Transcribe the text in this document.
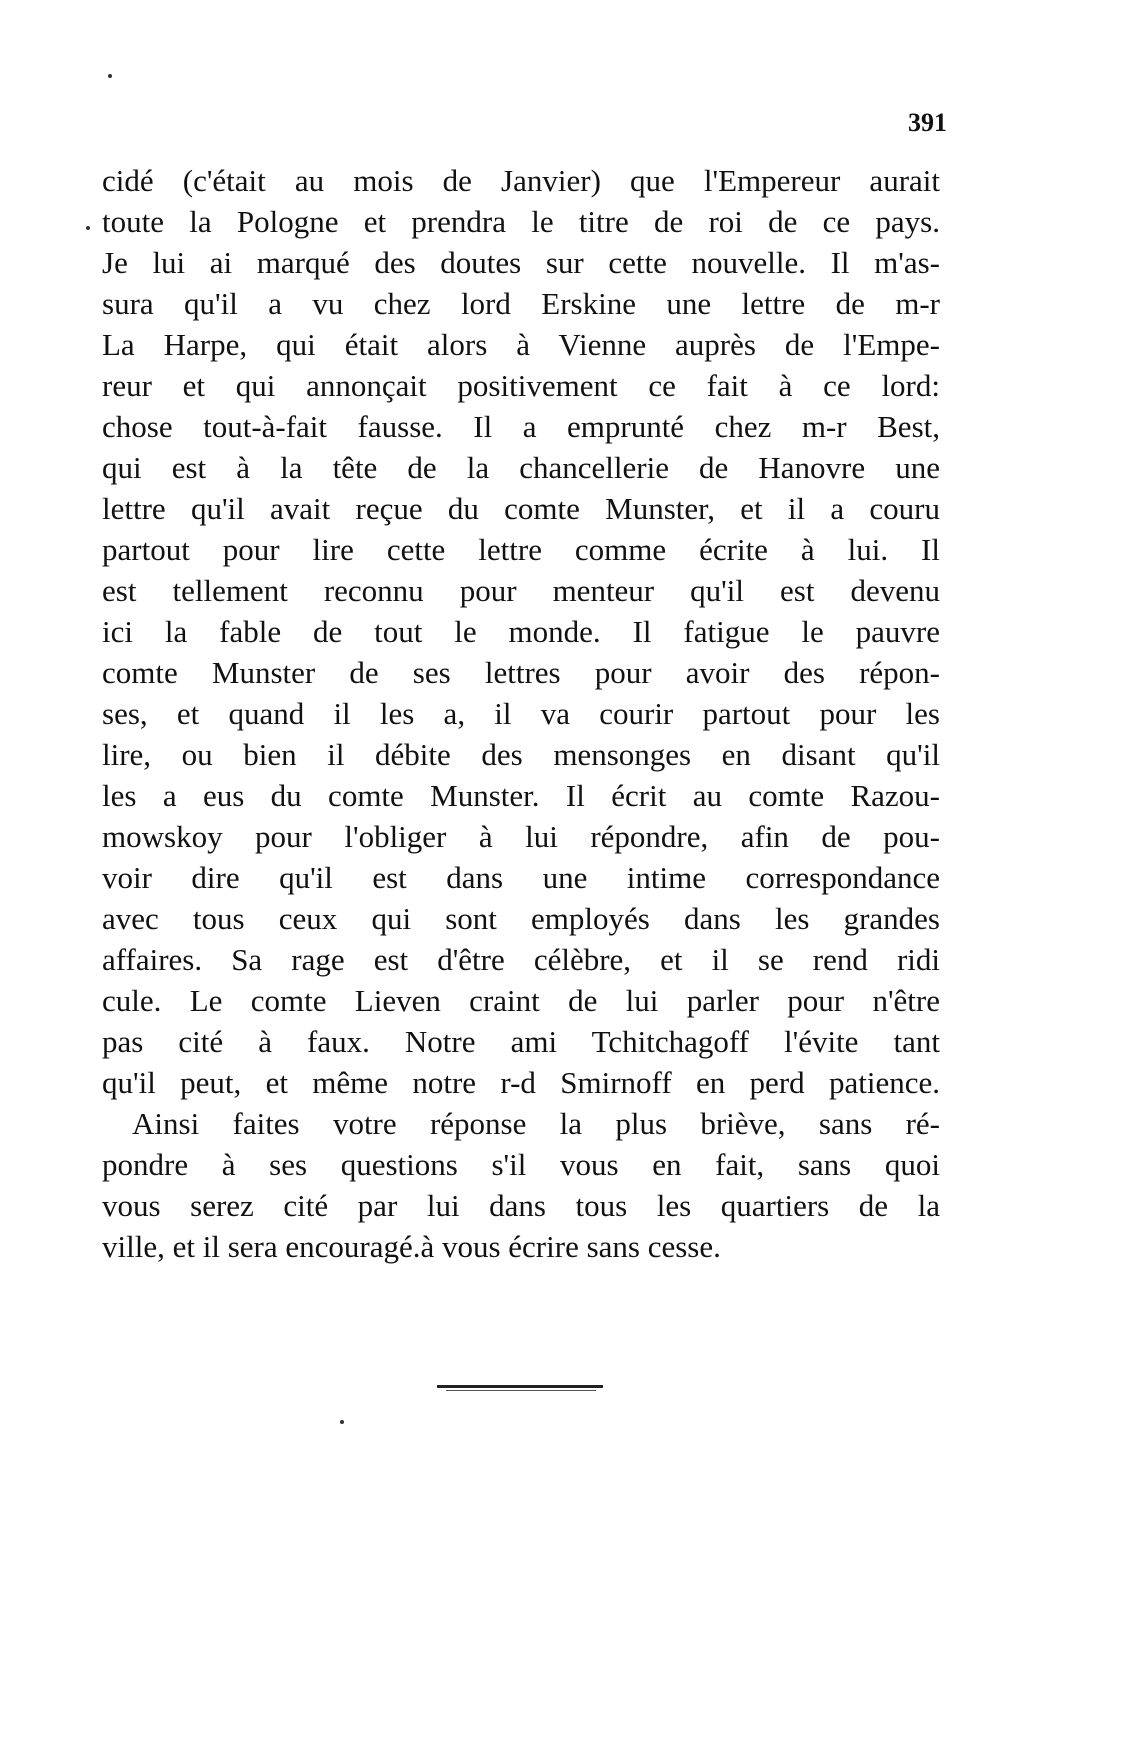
391
cidé (c'était au mois de Janvier) que l'Empereur aurait
toute la Pologne et prendra le titre de roi de ce pays.
Je lui ai marqué des doutes sur cette nouvelle. Il m'as-
sura qu'il a vu chez lord Erskine une lettre de m-r
La Harpe, qui était alors à Vienne auprès de l'Empe-
reur et qui annonçait positivement ce fait à ce lord:
chose tout-à-fait fausse. Il a emprunté chez m-r Best,
qui est à la tête de la chancellerie de Hanovre une
lettre qu'il avait reçue du comte Munster, et il a couru
partout pour lire cette lettre comme écrite à lui. Il
est tellement reconnu pour menteur qu'il est devenu
ici la fable de tout le monde. Il fatigue le pauvre
comte Munster de ses lettres pour avoir des répon-
ses, et quand il les a, il va courir partout pour les
lire, ou bien il débite des mensonges en disant qu'il
les a eus du comte Munster. Il écrit au comte Razou-
mowskoy pour l'obliger à lui répondre, afin de pou-
voir dire qu'il est dans une intime correspondance
avec tous ceux qui sont employés dans les grandes
affaires. Sa rage est d'être célèbre, et il se rend ridi
cule. Le comte Lieven craint de lui parler pour n'être
pas cité à faux. Notre ami Tchitchagoff l'évite tant
qu'il peut, et même notre r-d Smirnoff en perd patience.
Ainsi faites votre réponse la plus briève, sans ré-
pondre à ses questions s'il vous en fait, sans quoi
vous serez cité par lui dans tous les quartiers de la
ville, et il sera encouragé.à vous écrire sans cesse.
